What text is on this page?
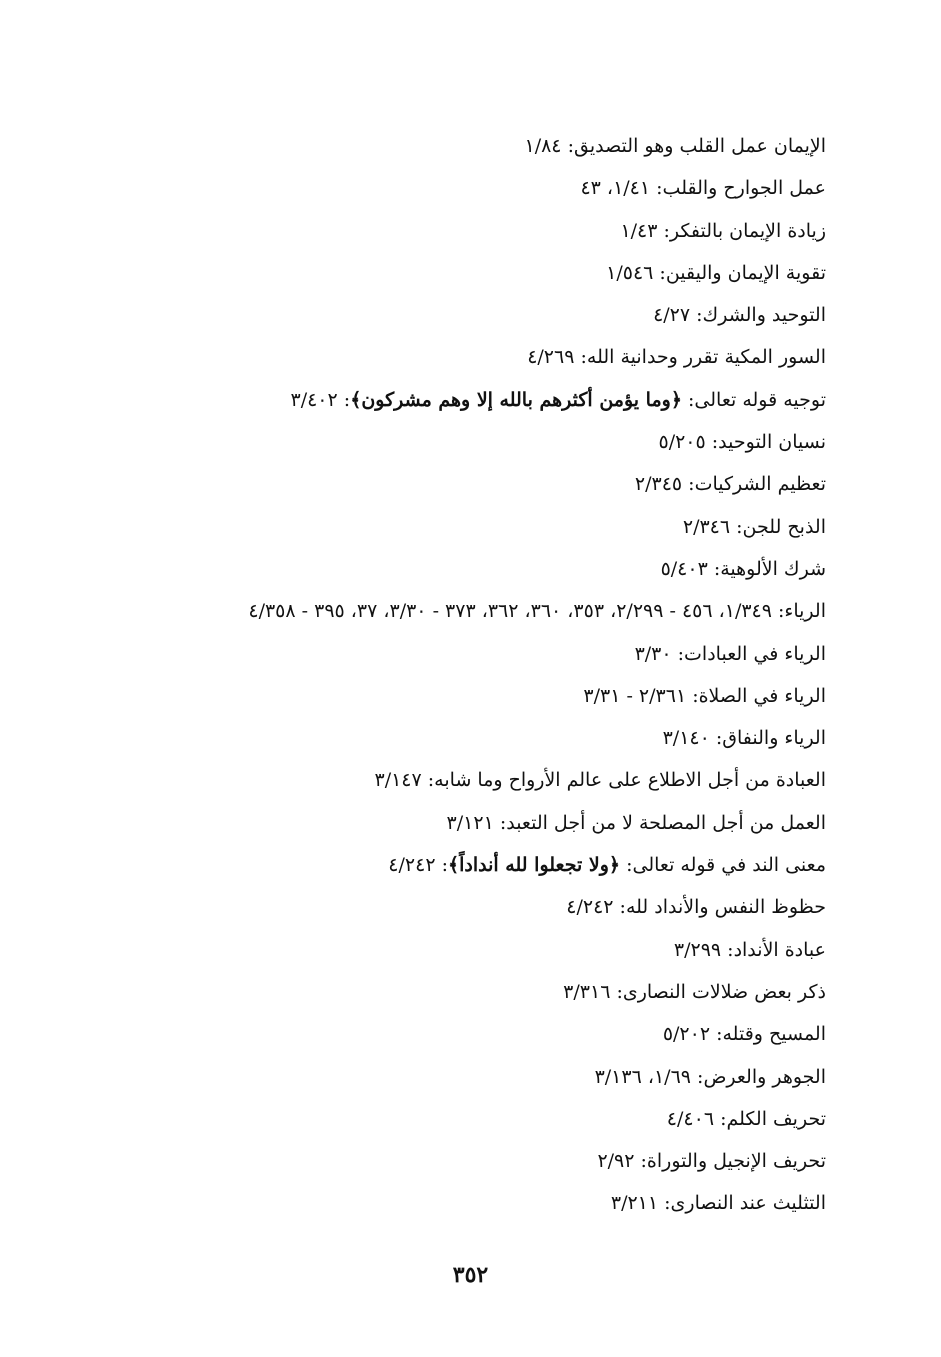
الإيمان عمل القلب وهو التصديق: ١/٨٤
عمل الجوارح والقلب: ١/٤١، ٤٣
زيادة الإيمان بالتفكر: ١/٤٣
تقوية الإيمان واليقين: ١/٥٤٦
التوحيد والشرك: ٤/٢٧
السور المكية تقرر وحدانية الله: ٤/٢٦٩
توجيه قوله تعالى: ﴿وما يؤمن أكثرهم بالله إلا وهم مشركون﴾: ٣/٤٠٢
نسيان التوحيد: ٥/٢٠٥
تعظيم الشركيات: ٢/٣٤٥
الذبح للجن: ٢/٣٤٦
شرك الألوهية: ٥/٤٠٣
الرياء: ١/٣٤٩، ٤٥٦ - ٢/٢٩٩، ٣٥٣، ٣٦٠، ٣٦٢، ٣٧٣ - ٣/٣٠، ٣٧، ٣٩٥ - ٤/٣٥٨
الرياء في العبادات: ٣/٣٠
الرياء في الصلاة: ٢/٣٦١ - ٣/٣١
الرياء والنفاق: ٣/١٤٠
العبادة من أجل الاطلاع على عالم الأرواح وما شابه: ٣/١٤٧
العمل من أجل المصلحة لا من أجل التعبد: ٣/١٢١
معنى الند في قوله تعالى: ﴿ولا تجعلوا لله أنداداً﴾: ٤/٢٤٢
حظوظ النفس والأنداد لله: ٤/٢٤٢
عبادة الأنداد: ٣/٢٩٩
ذكر بعض ضلالات النصارى: ٣/٣١٦
المسيح وقتله: ٥/٢٠٢
الجوهر والعرض: ١/٦٩، ٣/١٣٦
تحريف الكلم: ٤/٤٠٦
تحريف الإنجيل والتوراة: ٢/٩٢
التثليث عند النصارى: ٣/٢١١
٣٥٢
